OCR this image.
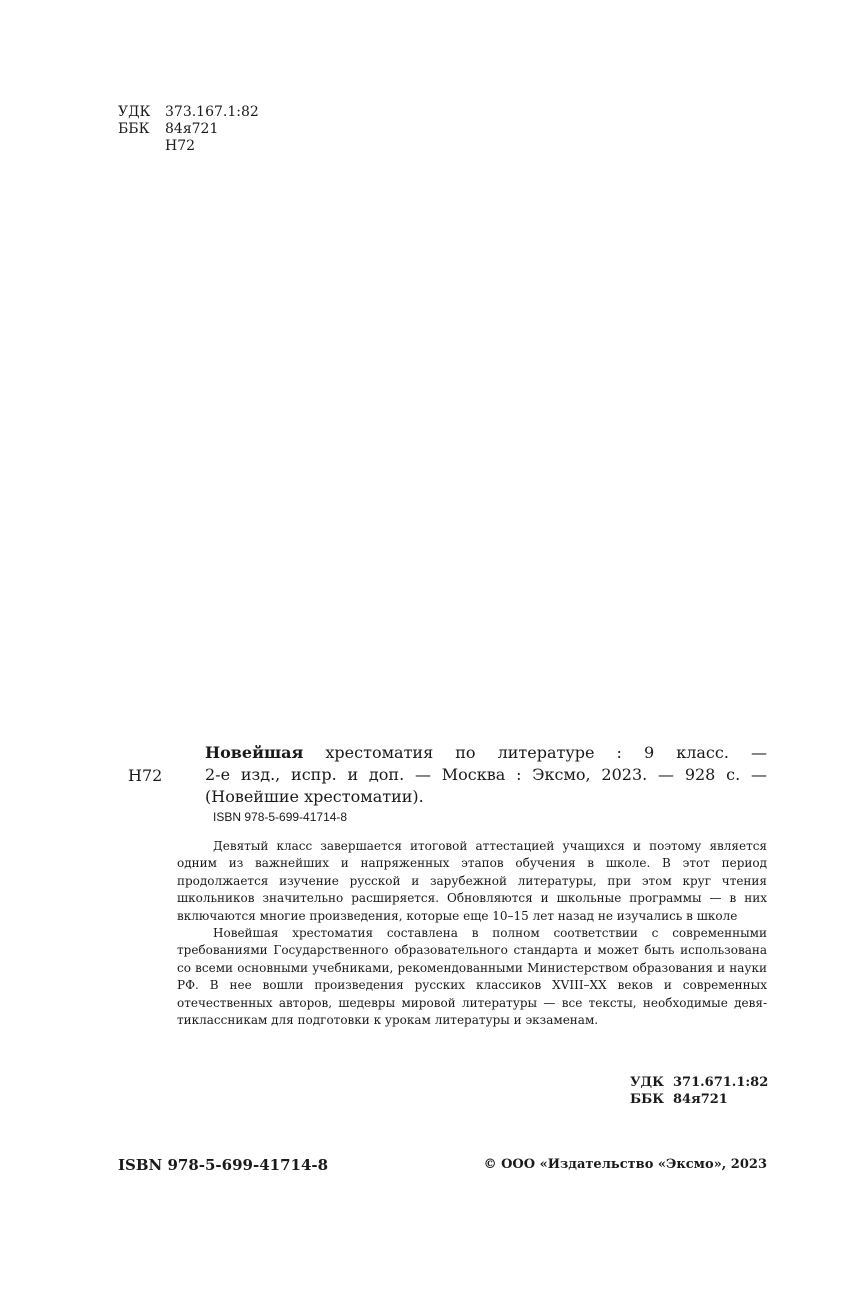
УДК	373.167.1:82
ББК	84я721
Н72
Н72
Новейшая хрестоматия по литературе : 9 класс. —
2-е изд., испр. и доп. — Москва : Эксмо, 2023. — 928 с. —
(Новейшие хрестоматии).
ISBN 978-5-699-41714-8

Девятый класс завершается итоговой аттестацией учащихся и поэтому является одним из важнейших и напряженных этапов обучения в школе. В этот период продолжается изучение русской и зарубежной литературы, при этом круг чтения школьников значительно расширяется. Обновляются и школьные программы — в них включаются многие произведения, которые еще 10–15 лет назад не изучались в школе

Новейшая хрестоматия составлена в полном соответствии с современными требованиями Государственного образовательного стандарта и может быть использована со всеми основными учебниками, рекомендованными Министерством образования и науки РФ. В нее вошли произведения русских классиков XVIII–XX веков и современных отечественных авторов, шедевры мировой литературы — все тексты, необходимые девятиклассникам для подготовки к урокам литературы и экзаменам.

УДК 371.671.1:82
ББК 84я721
ISBN 978-5-699-41714-8	© ООО «Издательство «Эксмо», 2023
